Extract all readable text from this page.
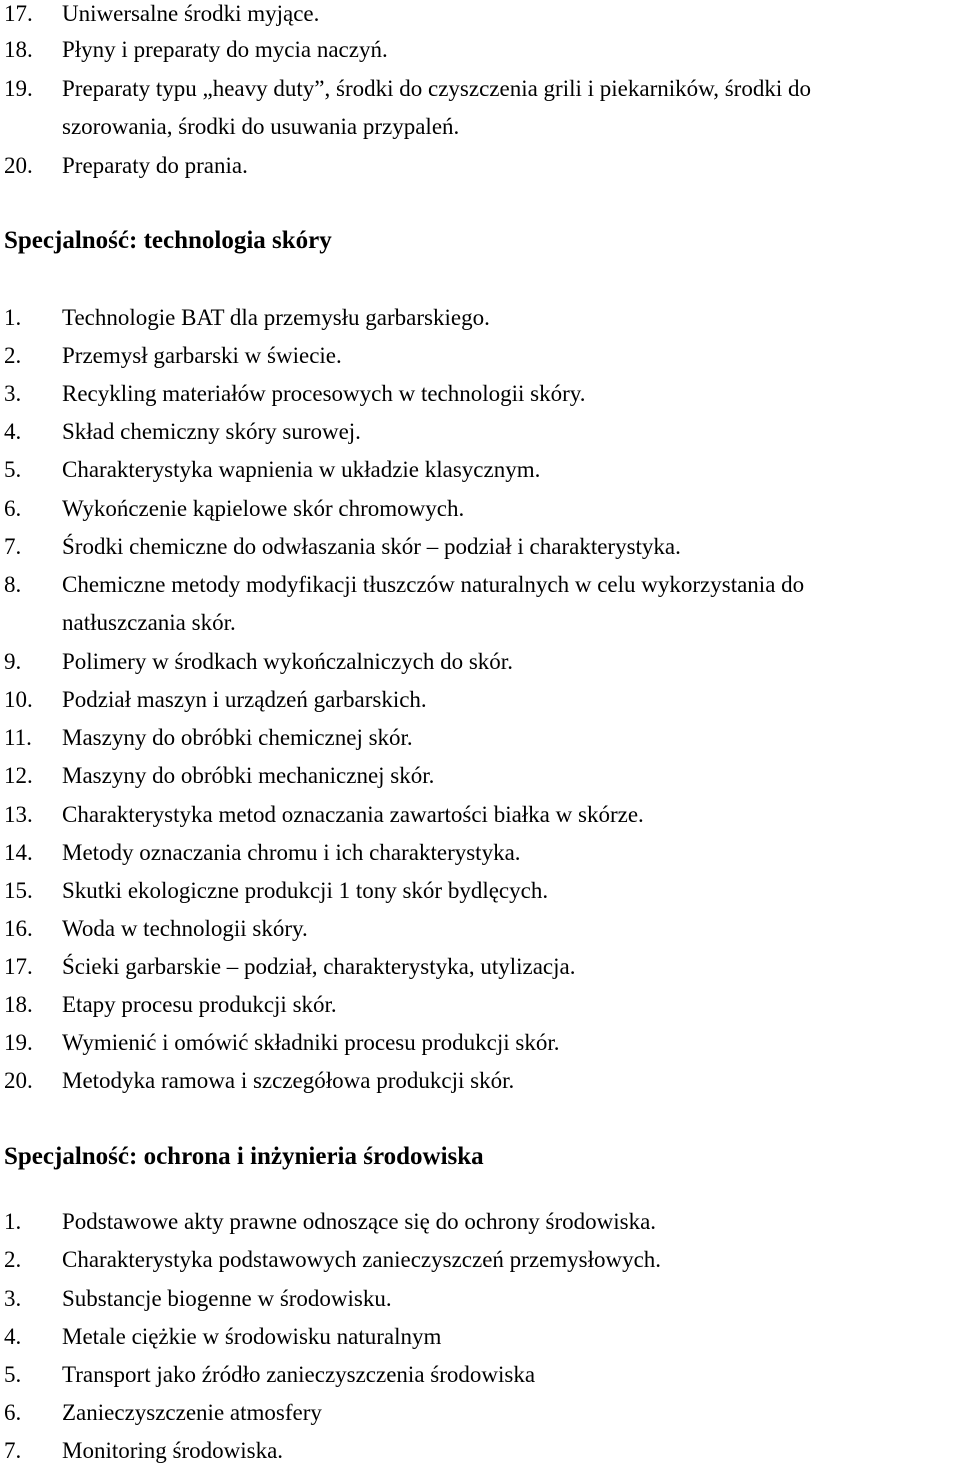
17. Uniwersalne środki myjące.
18. Płyny i preparaty do mycia naczyń.
19. Preparaty typu „heavy duty”, środki do czyszczenia grili i piekarników, środki do
szorowania, środki do usuwania przypaleń.
20. Preparaty do prania.
Specjalność: technologia skóry
1. Technologie BAT dla przemysłu garbarskiego.
2. Przemysł garbarski w świecie.
3. Recykling materiałów procesowych w technologii skóry.
4. Skład chemiczny skóry surowej.
5. Charakterystyka wapnienia w układzie klasycznym.
6. Wykończenie kąpielowe skór chromowych.
7. Środki chemiczne do odwłaszania skór – podział i charakterystyka.
8. Chemiczne metody modyfikacji tłuszczów naturalnych w celu wykorzystania do
natłuszczania skór.
9. Polimery w środkach wykończalniczych do skór.
10. Podział maszyn i urządzeń garbarskich.
11. Maszyny do obróbki chemicznej skór.
12. Maszyny do obróbki mechanicznej skór.
13. Charakterystyka metod oznaczania zawartości białka w skórze.
14. Metody oznaczania chromu i ich charakterystyka.
15. Skutki ekologiczne produkcji 1 tony skór bydlęcych.
16. Woda w technologii skóry.
17. Ścieki garbarskie – podział, charakterystyka, utylizacja.
18. Etapy procesu produkcji skór.
19. Wymienić i omówić składniki procesu produkcji skór.
20. Metodyka ramowa i szczegółowa produkcji skór.
Specjalność: ochrona i inżynieria środowiska
1. Podstawowe akty prawne odnoszące się do ochrony środowiska.
2. Charakterystyka podstawowych zanieczyszczeń przemysłowych.
3. Substancje biogenne w środowisku.
4. Metale ciężkie w środowisku naturalnym
5. Transport jako źródło zanieczyszczenia środowiska
6. Zanieczyszczenie atmosfery
7. Monitoring środowiska.
